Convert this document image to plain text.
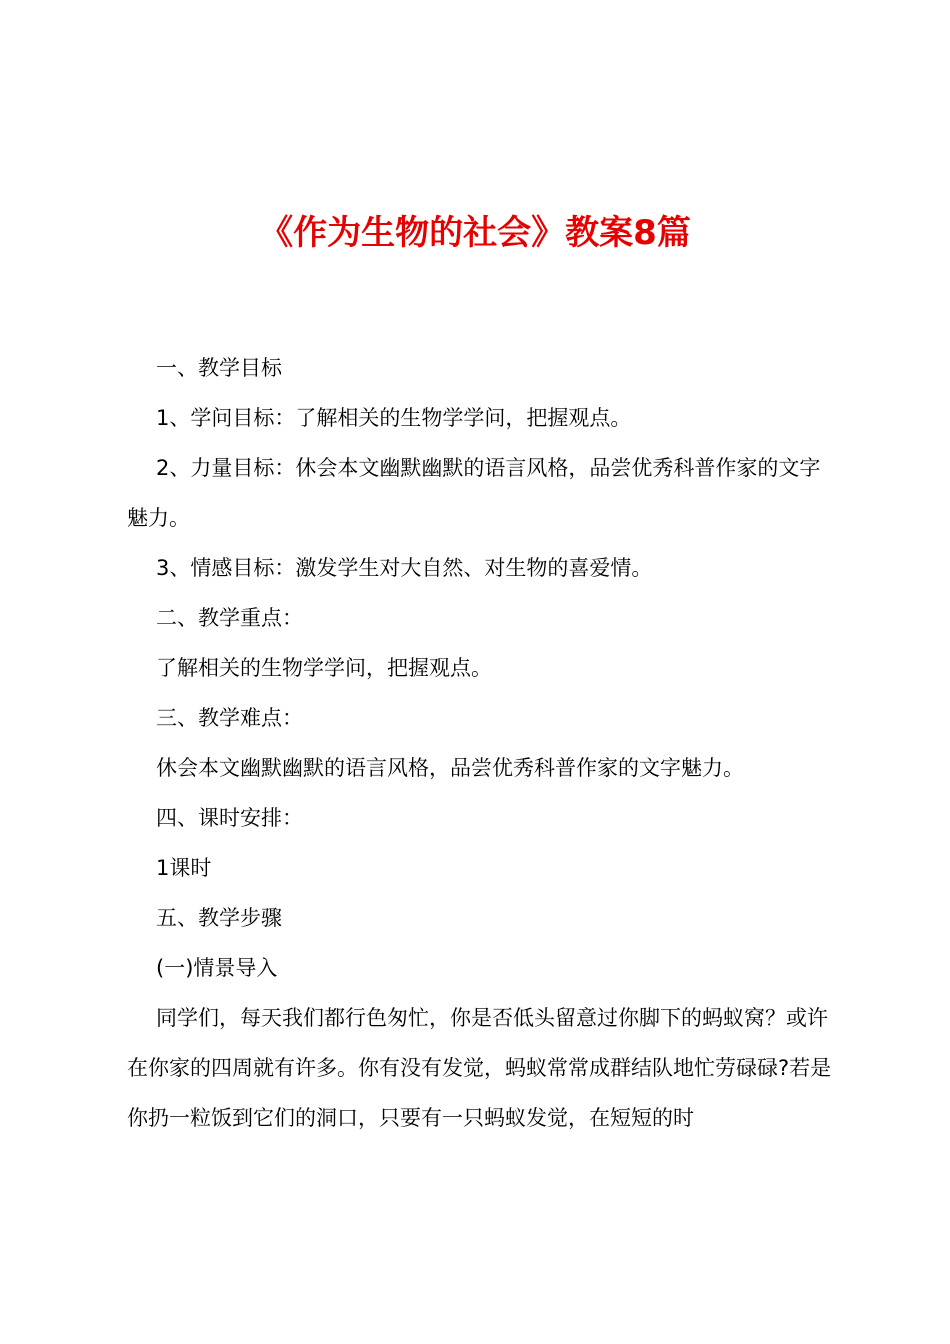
《作为生物的社会》教案8篇

一、教学目标

1、学问目标：了解相关的生物学学问，把握观点。

2、力量目标：休会本文幽默幽默的语言风格，品尝优秀科普作家的文字魅力。

3、情感目标：激发学生对大自然、对生物的喜爱情。

二、教学重点：

了解相关的生物学学问，把握观点。

三、教学难点：

休会本文幽默幽默的语言风格，品尝优秀科普作家的文字魅力。

四、课时安排：

1课时

五、教学步骤

(一)情景导入

同学们，每天我们都行色匆忙，你是否低头留意过你脚下的蚂蚁窝？或许在你家的四周就有许多。你有没有发觉，蚂蚁常常成群结队地忙劳碌碌?若是你扔一粒饭到它们的洞口，只要有一只蚂蚁发觉，在短短的时
